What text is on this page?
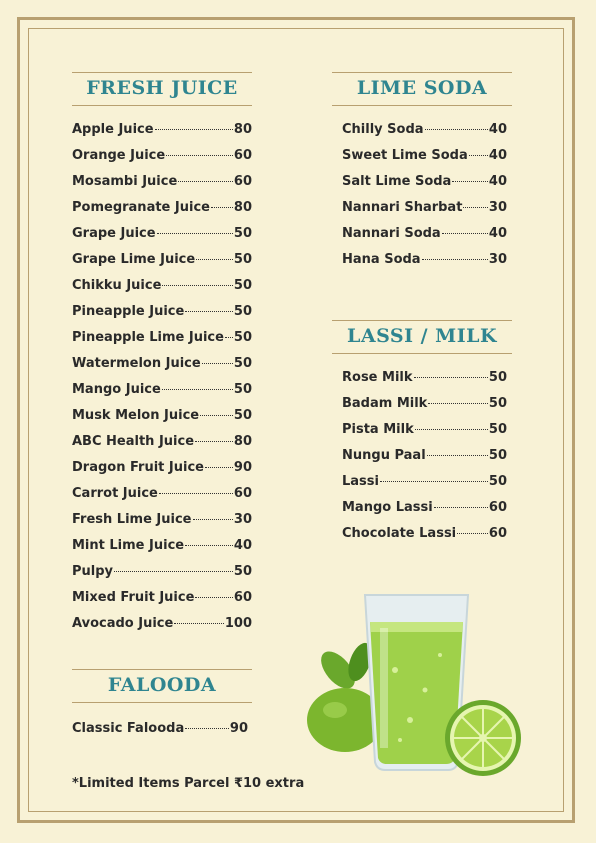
FRESH JUICE
Apple Juice	80
Orange Juice	60
Mosambi Juice	60
Pomegranate Juice 80
Grape Juice	50
Grape Lime Juice	50
Chikku Juice	50
Pineapple Juice	50
Pineapple Lime Juice 50
Watermelon Juice	50
Mango Juice	50
Musk Melon Juice	50
ABC Health Juice	80
Dragon Fruit Juice 90
Carrot Juice	60
Fresh Lime Juice	30
Mint Lime Juice	40
Pulpy	50
Mixed Fruit Juice	60
Avocado Juice	100
FALOODA
Classic Falooda	90
LIME SODA
Chilly Soda	40
Sweet Lime Soda 40
Salt Lime Soda	40
Nannari Sharbat 30
Nannari Soda	40
Hana Soda	30
LASSI / MILK
Rose Milk	50
Badam Milk	50
Pista Milk	50
Nungu Paal	50
Lassi	50
Mango Lassi	60
Chocolate Lassi	60
*Limited Items Parcel ₹10 extra
